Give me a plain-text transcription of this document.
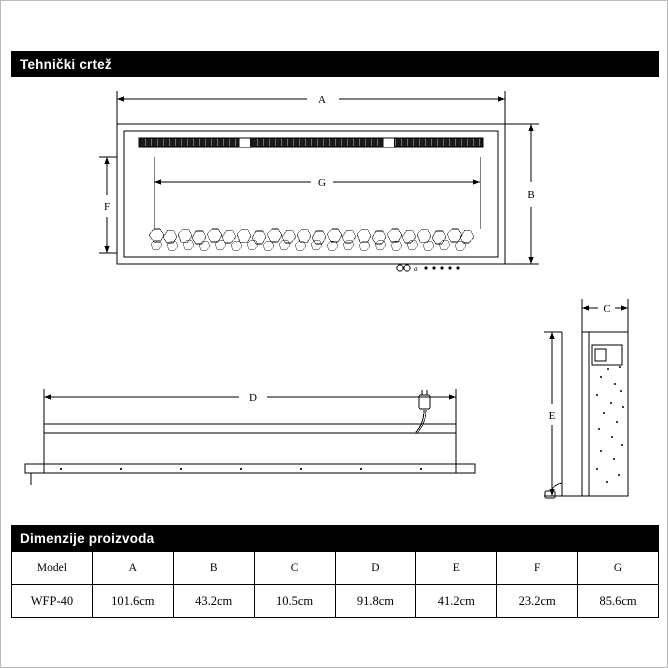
Tehnički crtež
σ
A
B
F
G
D
C
E
Dimenzije proizvoda
Model	A	B	C	D	E	F	G
WFP-40	101.6cm	43.2cm	10.5cm	91.8cm	41.2cm	23.2cm	85.6cm
